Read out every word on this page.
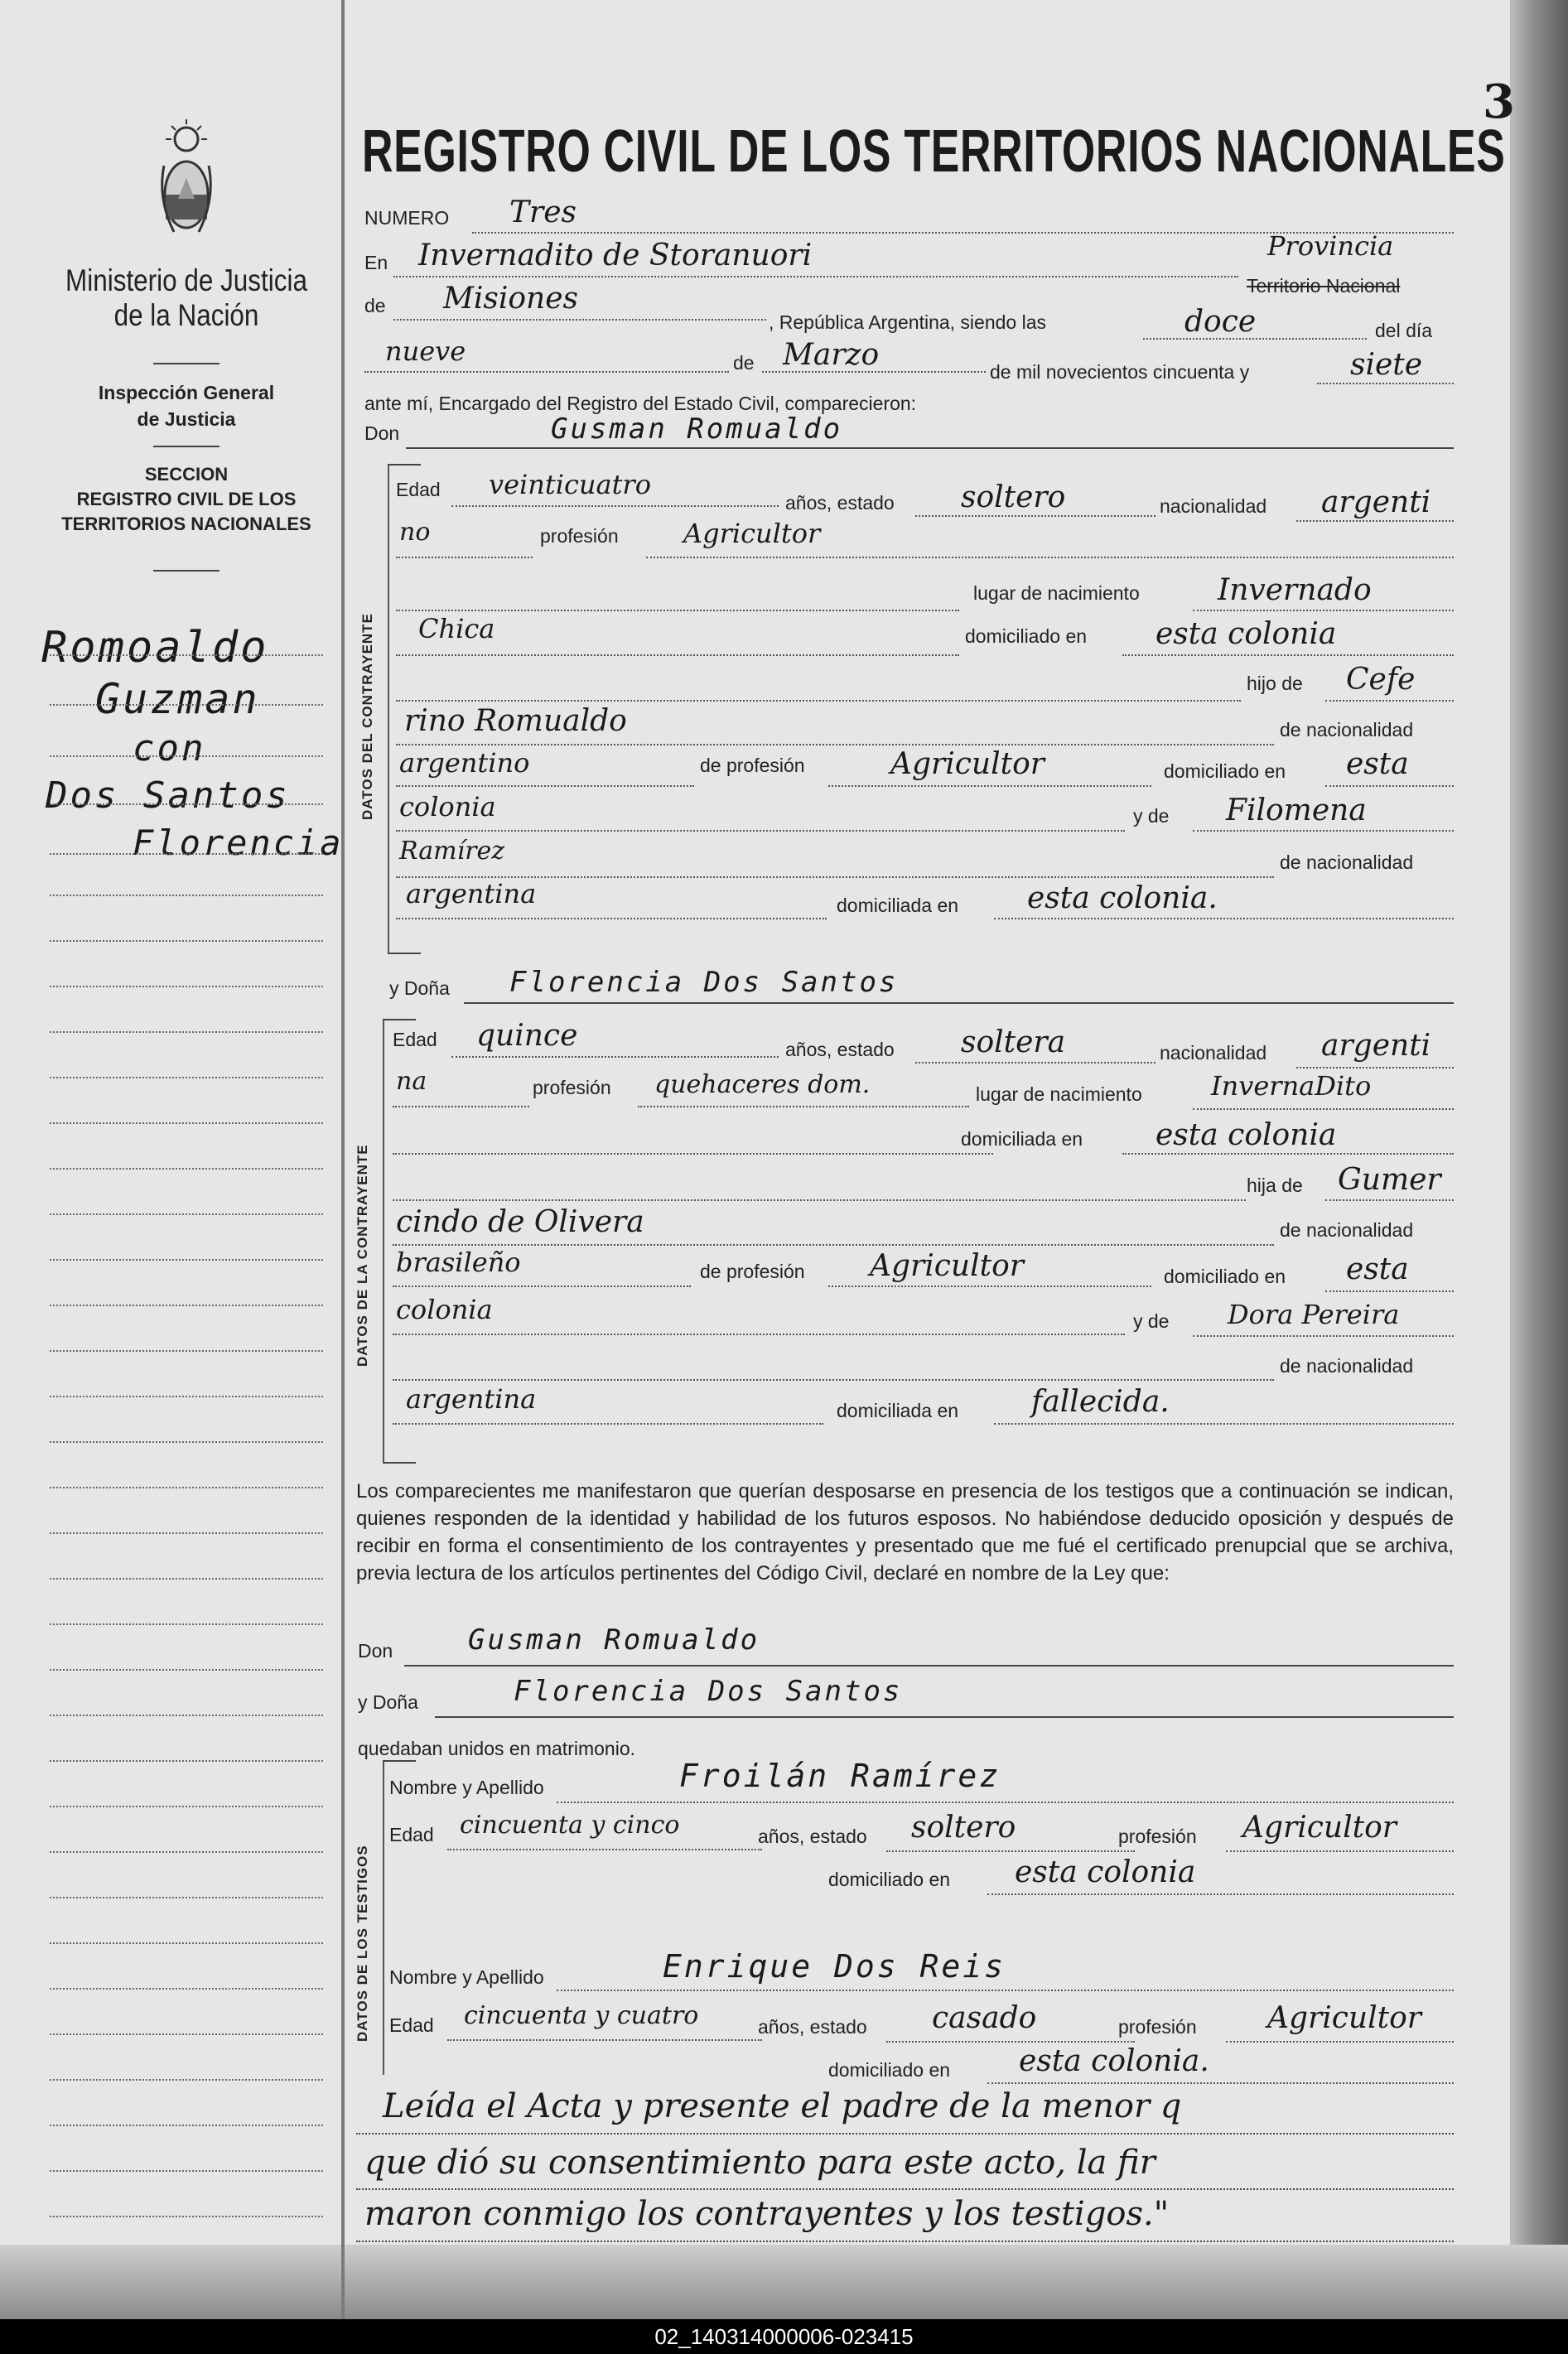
3
Ministerio de Justicia
de la Nación
Inspección General
de Justicia
SECCION
REGISTRO CIVIL DE LOS
TERRITORIOS NACIONALES
Romoaldo
Guzman
con
Dos Santos
Florencia
REGISTRO CIVIL DE LOS TERRITORIOS NACIONALES
NUMERO Tres
En Invernadito de Storanuori	Provincia
Territorio Nacional
de Misiones
, República Argentina, siendo las	doce	del día
nueve	de Marzo	de mil novecientos cincuenta y	siete
ante mí, Encargado del Registro del Estado Civil, comparecieron:
Don	Gusman Romualdo
DATOS DEL CONTRAYENTE
Edad veinticuatro
años, estado soltero	nacionalidad argenti
no	profesión Agricultor
lugar de nacimiento	Invernado
Chica	domiciliado en esta colonia
hijo de Cefe
rino Romualdo	de nacionalidad
argentino	de profesión	Agricultor	domiciliado en esta
colonia	y de Filomena
Ramírez	de nacionalidad
argentina	domiciliada en esta colonia.
y Doña Florencia Dos Santos
DATOS DE LA CONTRAYENTE
Edad quince	años, estado soltera	nacionalidad argenti
na	profesión quehaceres dom.	lugar de nacimiento	InvernaDito
domiciliada en esta colonia
hija de Gumer
cindo de Olivera	de nacionalidad
brasileño	de profesión Agricultor	domiciliado en esta
colonia	y de Dora Pereira
de nacionalidad
argentina	domiciliada en fallecida.
Los comparecientes me manifestaron que querían desposarse en presencia de los testigos que a continuación se indican, quienes responden de la identidad y habilidad de los futuros esposos. No habiéndose deducido oposición y después de recibir en forma el consentimiento de los contrayentes y presentado que me fué el certificado prenupcial que se archiva, previa lectura de los artículos pertinentes del Código Civil, declaré en nombre de la Ley que:
Don	Gusman Romualdo
y Doña	Florencia Dos Santos
quedaban unidos en matrimonio.
DATOS DE LOS TESTIGOS
Nombre y Apellido	Froilán Ramírez
Edad cincuenta y cinco	años, estado soltero	profesión Agricultor
domiciliado en esta colonia
Nombre y Apellido	Enrique Dos Reis
Edad cincuenta y cuatro	años, estado casado	profesión Agricultor
domiciliado en esta colonia.
Leída el Acta y presente el padre de la menor q
que dió su consentimiento para este acto, la fir
maron conmigo los contrayentes y los testigos."
02_140314000006-023415
